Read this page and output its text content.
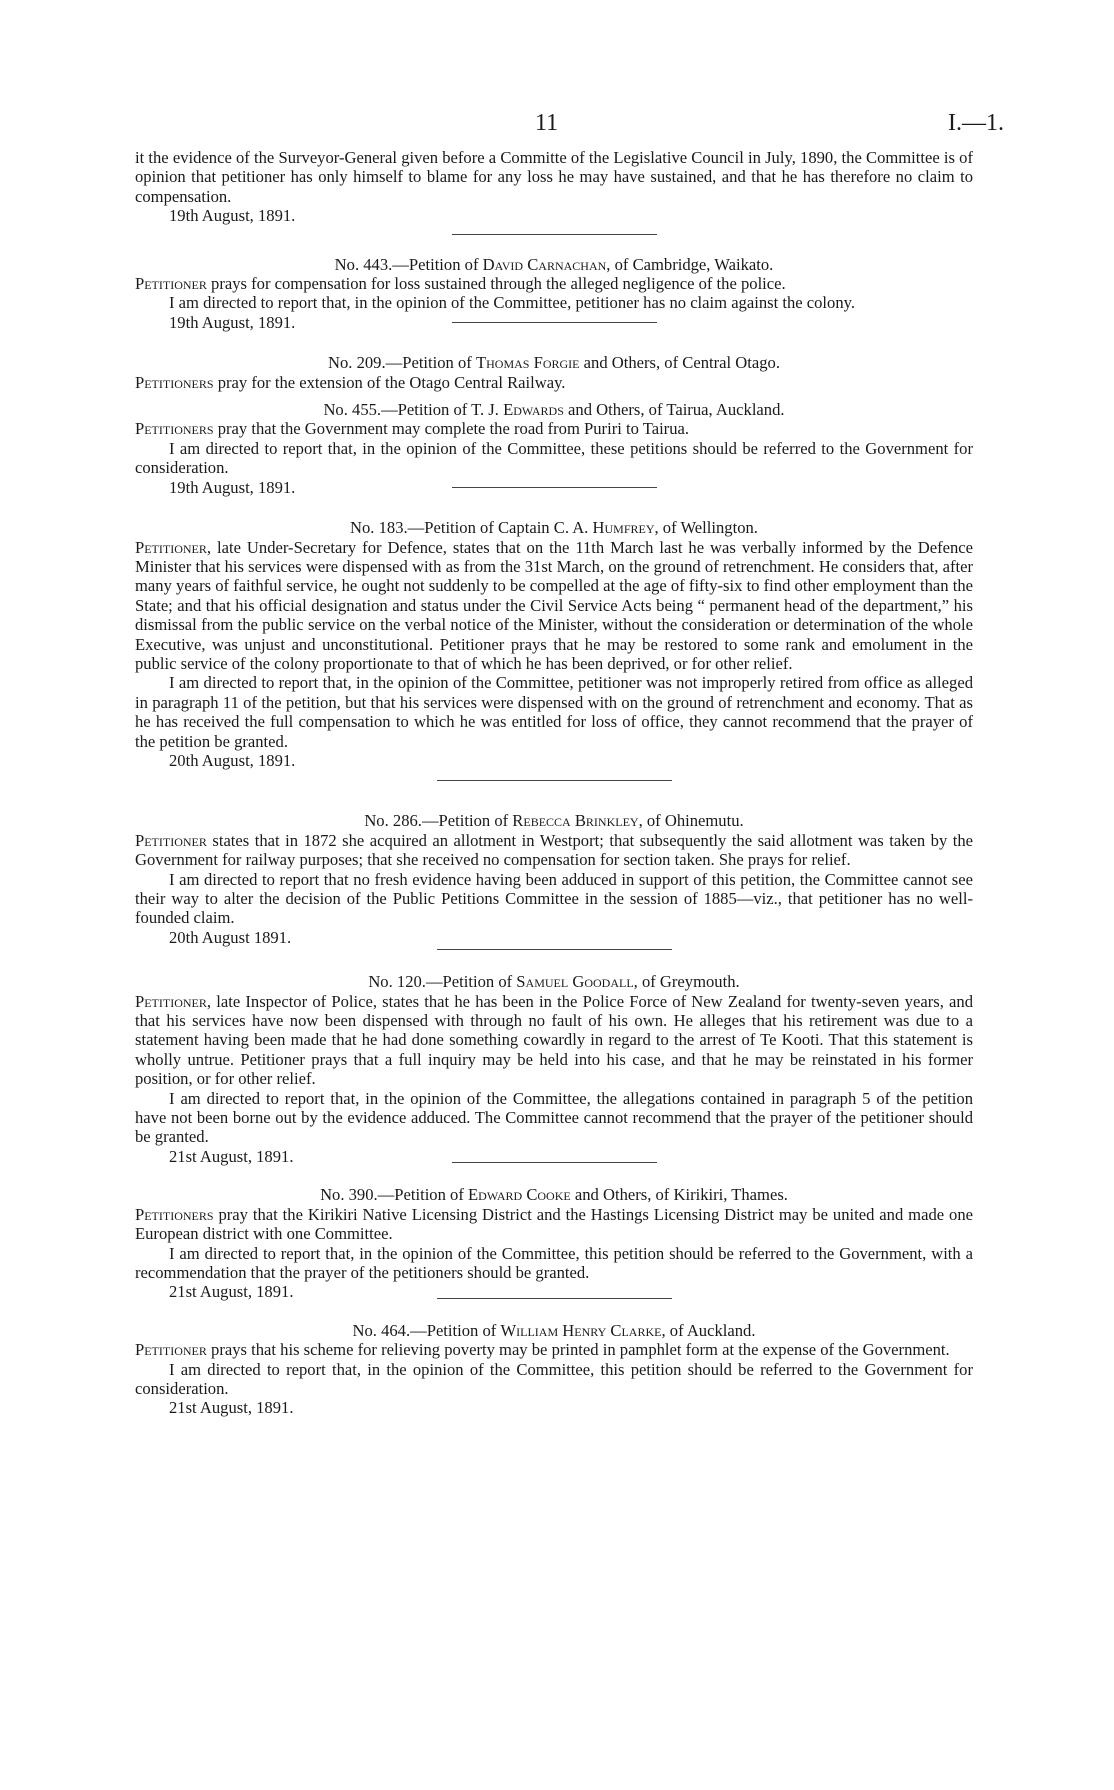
11	I.—1.

it the evidence of the Surveyor-General given before a Committe of the Legislative Council in July, 1890, the Committee is of opinion that petitioner has only himself to blame for any loss he may have sustained, and that he has therefore no claim to compensation.

19th August, 1891.

No. 443.—Petition of David Carnachan, of Cambridge, Waikato.

Petitioner prays for compensation for loss sustained through the alleged negligence of the police.

I am directed to report that, in the opinion of the Committee, petitioner has no claim against the colony.

19th August, 1891.

No. 209.—Petition of Thomas Forgie and Others, of Central Otago.

Petitioners pray for the extension of the Otago Central Railway.

No. 455.—Petition of T. J. Edwards and Others, of Tairua, Auckland.

Petitioners pray that the Government may complete the road from Puriri to Tairua.

I am directed to report that, in the opinion of the Committee, these petitions should be referred to the Government for consideration.

19th August, 1891.

No. 183.—Petition of Captain C. A. Humfrey, of Wellington.

Petitioner, late Under-Secretary for Defence, states that on the 11th March last he was verbally informed by the Defence Minister that his services were dispensed with as from the 31st March, on the ground of retrenchment. He considers that, after many years of faithful service, he ought not suddenly to be compelled at the age of fifty-six to find other employment than the State; and that his official designation and status under the Civil Service Acts being “ permanent head of the department,” his dismissal from the public service on the verbal notice of the Minister, without the consideration or determination of the whole Executive, was unjust and unconstitutional. Petitioner prays that he may be restored to some rank and emolument in the public service of the colony proportionate to that of which he has been deprived, or for other relief.

I am directed to report that, in the opinion of the Committee, petitioner was not improperly retired from office as alleged in paragraph 11 of the petition, but that his services were dispensed with on the ground of retrenchment and economy. That as he has received the full compensation to which he was entitled for loss of office, they cannot recommend that the prayer of the petition be granted.

20th August, 1891.

No. 286.—Petition of Rebecca Brinkley, of Ohinemutu.

Petitioner states that in 1872 she acquired an allotment in Westport; that subsequently the said allotment was taken by the Government for railway purposes; that she received no compensation for section taken. She prays for relief.

I am directed to report that no fresh evidence having been adduced in support of this petition, the Committee cannot see their way to alter the decision of the Public Petitions Committee in the session of 1885—viz., that petitioner has no well-founded claim.

20th August 1891.

No. 120.—Petition of Samuel Goodall, of Greymouth.

Petitioner, late Inspector of Police, states that he has been in the Police Force of New Zealand for twenty-seven years, and that his services have now been dispensed with through no fault of his own. He alleges that his retirement was due to a statement having been made that he had done something cowardly in regard to the arrest of Te Kooti. That this statement is wholly untrue. Petitioner prays that a full inquiry may be held into his case, and that he may be reinstated in his former position, or for other relief.

I am directed to report that, in the opinion of the Committee, the allegations contained in paragraph 5 of the petition have not been borne out by the evidence adduced. The Committee cannot recommend that the prayer of the petitioner should be granted.

21st August, 1891.

No. 390.—Petition of Edward Cooke and Others, of Kirikiri, Thames.

Petitioners pray that the Kirikiri Native Licensing District and the Hastings Licensing District may be united and made one European district with one Committee.

I am directed to report that, in the opinion of the Committee, this petition should be referred to the Government, with a recommendation that the prayer of the petitioners should be granted.

21st August, 1891.

No. 464.—Petition of William Henry Clarke, of Auckland.

Petitioner prays that his scheme for relieving poverty may be printed in pamphlet form at the expense of the Government.

I am directed to report that, in the opinion of the Committee, this petition should be referred to the Government for consideration.

21st August, 1891.
